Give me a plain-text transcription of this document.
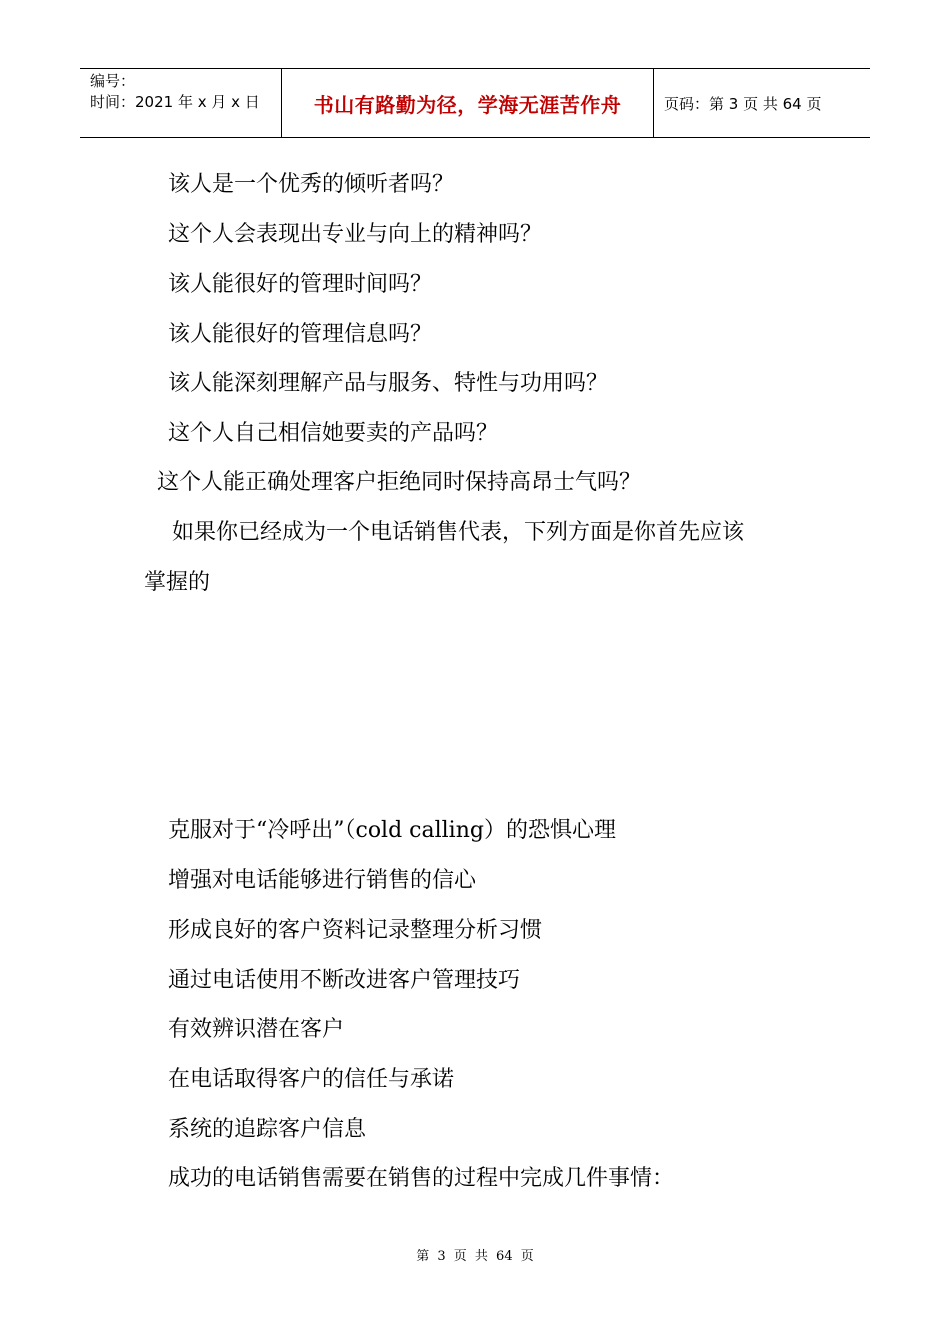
编号：
时间：2021 年 x 月 x 日	书山有路勤为径，学海无涯苦作舟	页码：第 3 页 共 64 页
该人是一个优秀的倾听者吗？
这个人会表现出专业与向上的精神吗？
该人能很好的管理时间吗？
该人能很好的管理信息吗？
该人能深刻理解产品与服务、特性与功用吗？
这个人自己相信她要卖的产品吗？
这个人能正确处理客户拒绝同时保持高昂士气吗？
如果你已经成为一个电话销售代表，下列方面是你首先应该
掌握的
克服对于“冷呼出”（cold calling）的恐惧心理
增强对电话能够进行销售的信心
形成良好的客户资料记录整理分析习惯
通过电话使用不断改进客户管理技巧
有效辨识潜在客户
在电话取得客户的信任与承诺
系统的追踪客户信息
成功的电话销售需要在销售的过程中完成几件事情：
第 3 页 共 64 页
